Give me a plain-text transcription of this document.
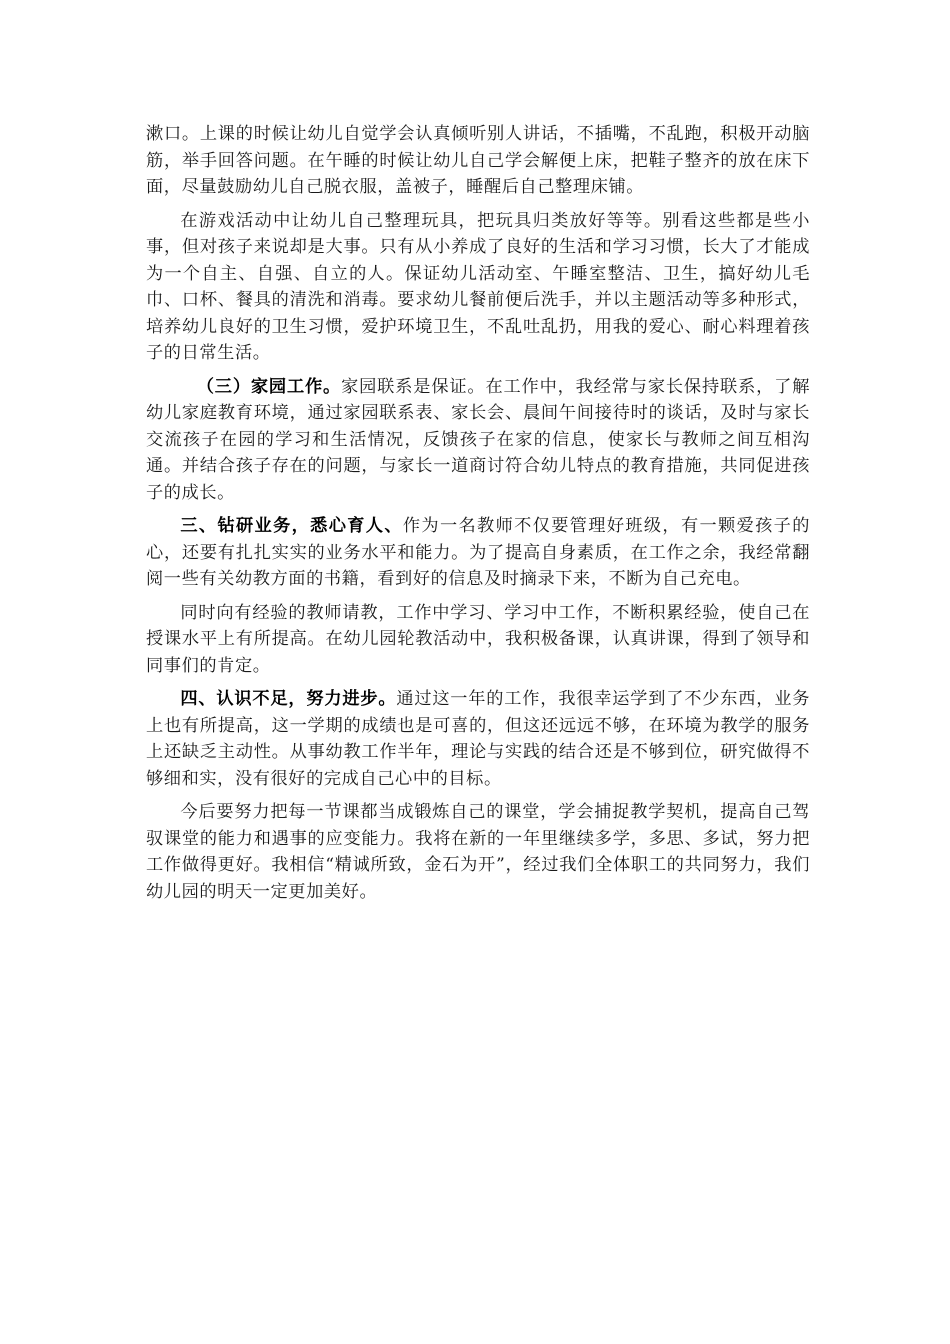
漱口。上课的时候让幼儿自觉学会认真倾听别人讲话，不插嘴，不乱跑，积极开动脑筋，举手回答问题。在午睡的时候让幼儿自己学会解便上床，把鞋子整齐的放在床下面，尽量鼓励幼儿自己脱衣服，盖被子，睡醒后自己整理床铺。

在游戏活动中让幼儿自己整理玩具，把玩具归类放好等等。别看这些都是些小事，但对孩子来说却是大事。只有从小养成了良好的生活和学习习惯，长大了才能成为一个自主、自强、自立的人。保证幼儿活动室、午睡室整洁、卫生，搞好幼儿毛巾、口杯、餐具的清洗和消毒。要求幼儿餐前便后洗手，并以主题活动等多种形式，培养幼儿良好的卫生习惯，爱护环境卫生，不乱吐乱扔，用我的爱心、耐心料理着孩子的日常生活。

（三）家园工作。家园联系是保证。在工作中，我经常与家长保持联系，了解幼儿家庭教育环境，通过家园联系表、家长会、晨间午间接待时的谈话，及时与家长交流孩子在园的学习和生活情况，反馈孩子在家的信息，使家长与教师之间互相沟通。并结合孩子存在的问题，与家长一道商讨符合幼儿特点的教育措施，共同促进孩子的成长。

三、钻研业务，悉心育人、作为一名教师不仅要管理好班级，有一颗爱孩子的心，还要有扎扎实实的业务水平和能力。为了提高自身素质，在工作之余，我经常翻阅一些有关幼教方面的书籍，看到好的信息及时摘录下来，不断为自己充电。

同时向有经验的教师请教，工作中学习、学习中工作，不断积累经验，使自己在授课水平上有所提高。在幼儿园轮教活动中，我积极备课，认真讲课，得到了领导和同事们的肯定。

四、认识不足，努力进步。通过这一年的工作，我很幸运学到了不少东西，业务上也有所提高，这一学期的成绩也是可喜的，但这还远远不够，在环境为教学的服务上还缺乏主动性。从事幼教工作半年，理论与实践的结合还是不够到位，研究做得不够细和实，没有很好的完成自己心中的目标。

今后要努力把每一节课都当成锻炼自己的课堂，学会捕捉教学契机，提高自己驾驭课堂的能力和遇事的应变能力。我将在新的一年里继续多学，多思、多试，努力把工作做得更好。我相信“精诚所致，金石为开”，经过我们全体职工的共同努力，我们幼儿园的明天一定更加美好。
